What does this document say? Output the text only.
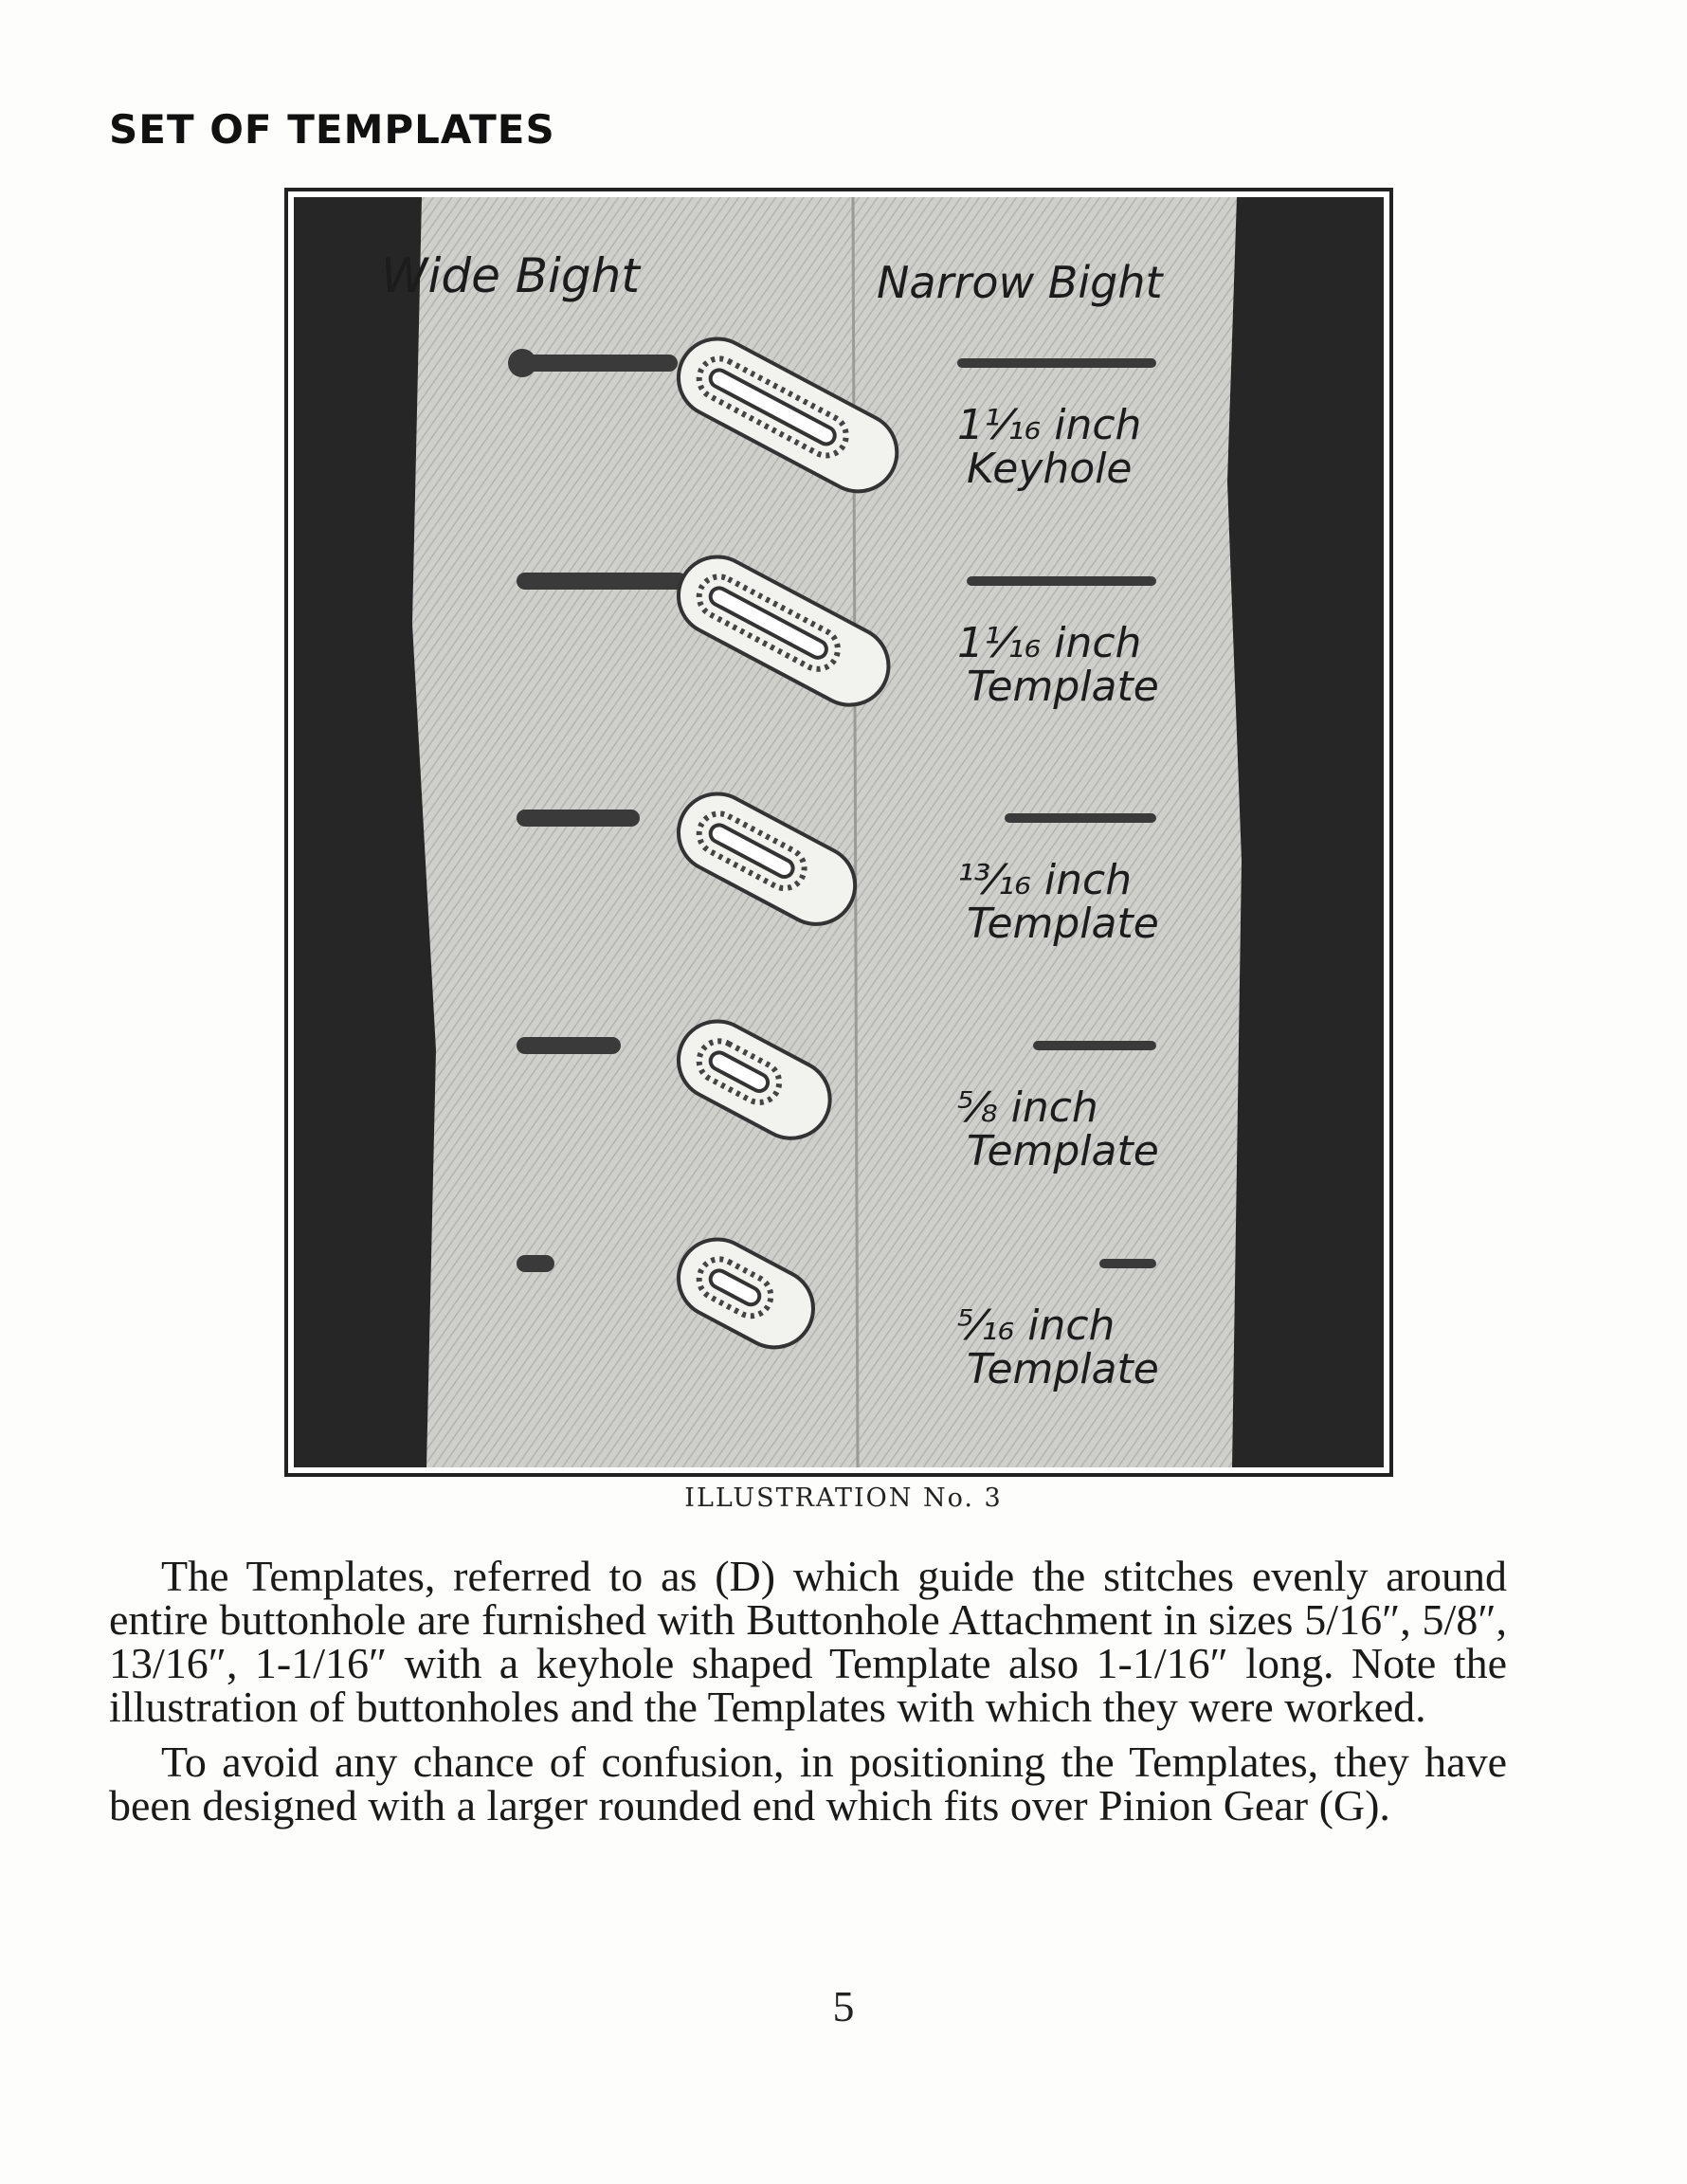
SET OF TEMPLATES
Wide Bight	Narrow Bight
1¹⁄₁₆ inch
Keyhole
1¹⁄₁₆ inch
Template
¹³⁄₁₆ inch
Template
⅝ inch
Template
⁵⁄₁₆ inch
Template
ILLUSTRATION No. 3

The Templates, referred to as (D) which guide the stitches evenly around entire buttonhole are furnished with Buttonhole Attachment in sizes 5/16″, 5/8″, 13/16″, 1-1/16″ with a keyhole shaped Template also 1-1/16″ long. Note the illustration of buttonholes and the Templates with which they were worked.

To avoid any chance of confusion, in positioning the Templates, they have been designed with a larger rounded end which fits over Pinion Gear (G).

5
